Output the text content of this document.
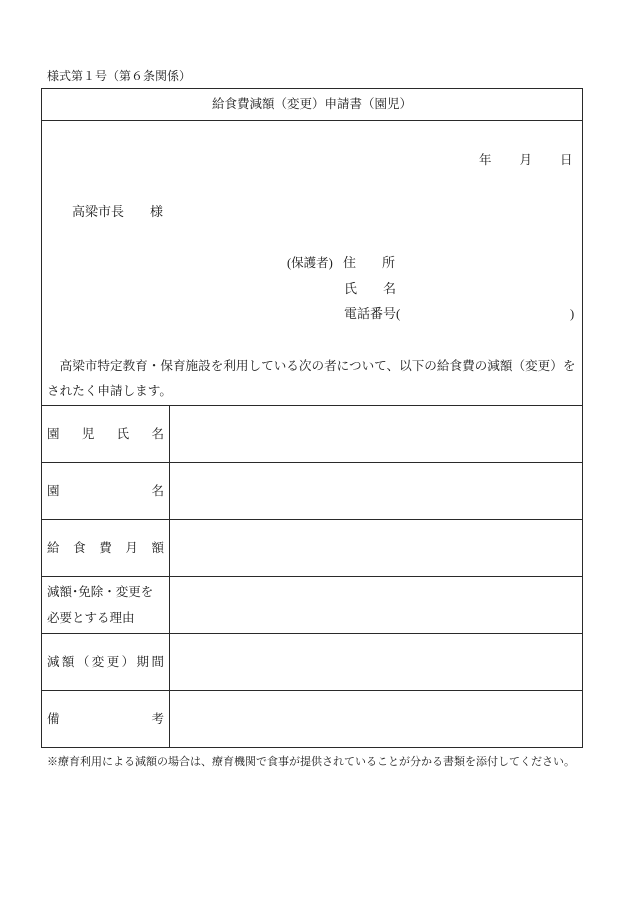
様式第１号（第６条関係）
給食費減額（変更）申請書（園児）
年　　月　　日
高梁市長　　様
(保護者) 住　　所
氏　　名
電話番号(	)
　高梁市特定教育・保育施設を利用している次の者について、以下の給食費の減額（変更）をされたく申請します。
園児氏名
園名
給食費月額
減額･免除・変更を
必要とする理由
減額（変更）期間
備考
※療育利用による減額の場合は、療育機関で食事が提供されていることが分かる書類を添付してください。
